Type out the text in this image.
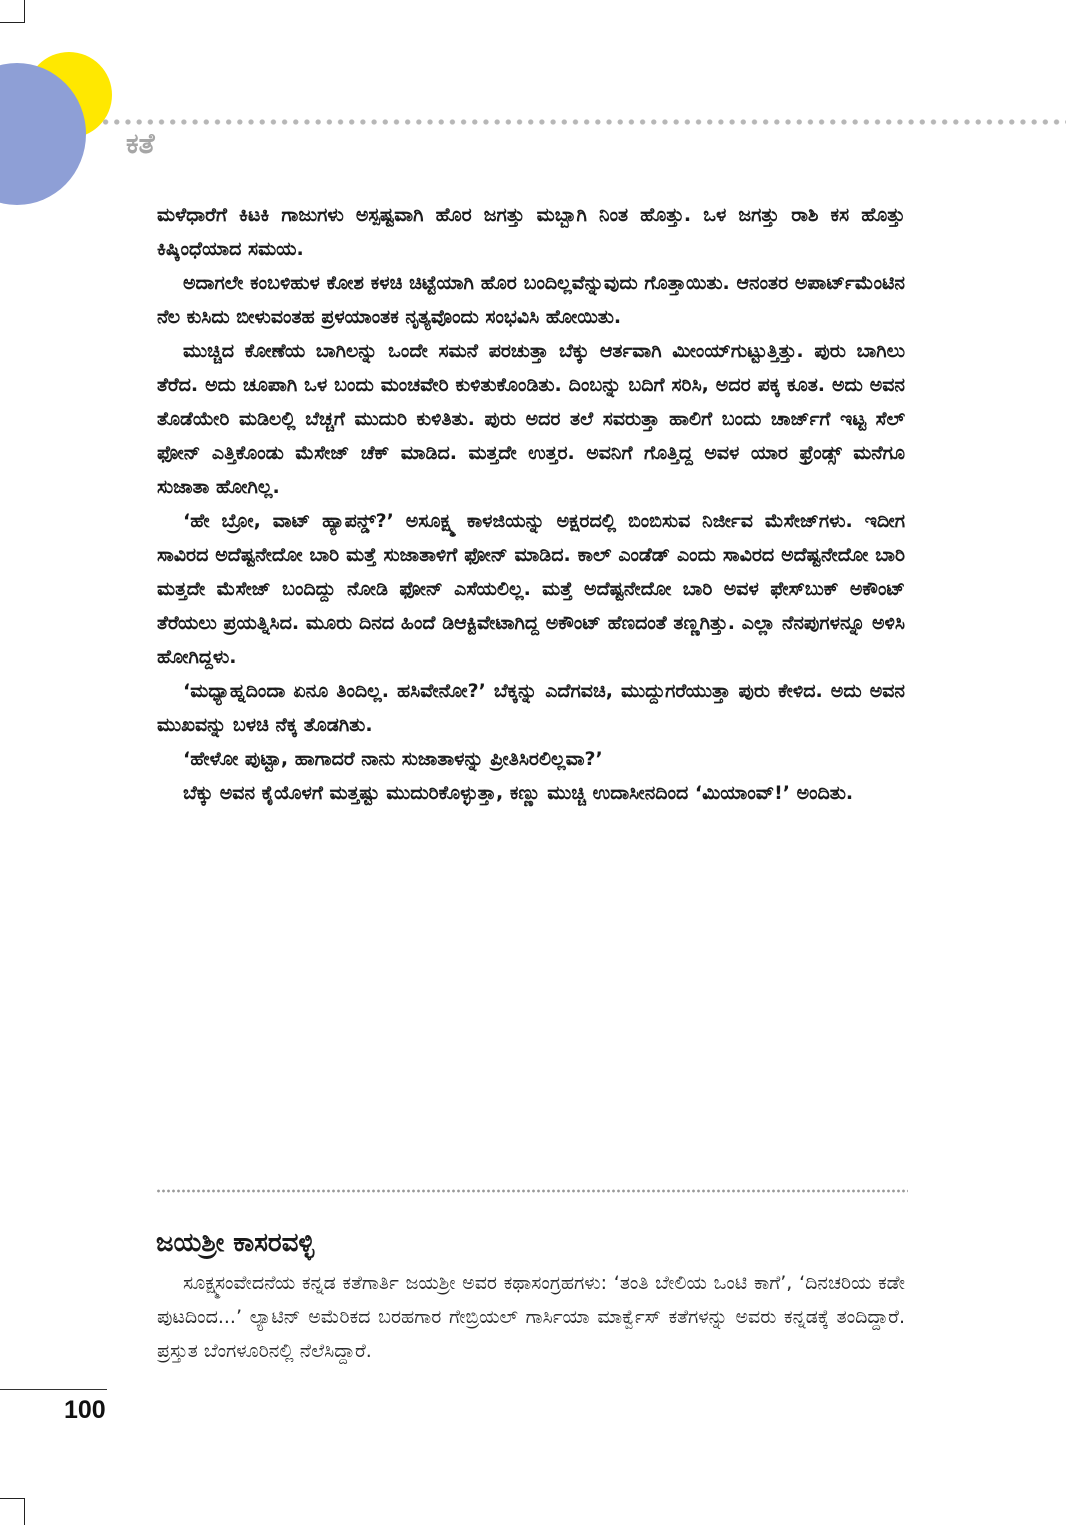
ಕತೆ

ಮಳೆಧಾರೆಗೆ ಕಿಟಕಿ ಗಾಜುಗಳು ಅಸ್ಪಷ್ಟವಾಗಿ ಹೊರ ಜಗತ್ತು ಮಬ್ಬಾಗಿ ನಿಂತ ಹೊತ್ತು. ಒಳ ಜಗತ್ತು ರಾಶಿ ಕಸ ಹೊತ್ತು ಕಿಷ್ಕಿಂಧೆಯಾದ ಸಮಯ.

ಅದಾಗಲೇ ಕಂಬಳಿಹುಳ ಕೋಶ ಕಳಚಿ ಚಿಟ್ಟೆಯಾಗಿ ಹೊರ ಬಂದಿಲ್ಲವೆನ್ನುವುದು ಗೊತ್ತಾಯಿತು. ಆನಂತರ ಅಪಾರ್ಟ್‌ಮೆಂಟಿನ ನೆಲ ಕುಸಿದು ಬೀಳುವಂತಹ ಪ್ರಳಯಾಂತಕ ನೃತ್ಯವೊಂದು ಸಂಭವಿಸಿ ಹೋಯಿತು.

ಮುಚ್ಚಿದ ಕೋಣೆಯ ಬಾಗಿಲನ್ನು ಒಂದೇ ಸಮನೆ ಪರಚುತ್ತಾ ಬೆಕ್ಕು ಆರ್ತವಾಗಿ ಮೀಂಯ್‌ಗುಟ್ಟುತ್ತಿತ್ತು. ಪುರು ಬಾಗಿಲು ತೆರೆದ. ಅದು ಚೂಪಾಗಿ ಒಳ ಬಂದು ಮಂಚವೇರಿ ಕುಳಿತುಕೊಂಡಿತು. ದಿಂಬನ್ನು ಬದಿಗೆ ಸರಿಸಿ, ಅದರ ಪಕ್ಕ ಕೂತ. ಅದು ಅವನ ತೊಡೆಯೇರಿ ಮಡಿಲಲ್ಲಿ ಬೆಚ್ಚಗೆ ಮುದುರಿ ಕುಳಿತಿತು. ಪುರು ಅದರ ತಲೆ ಸವರುತ್ತಾ ಹಾಲಿಗೆ ಬಂದು ಚಾರ್ಜ್‌ಗೆ ಇಟ್ಟ ಸೆಲ್ ಫೋನ್ ಎತ್ತಿಕೊಂಡು ಮೆಸೇಜ್ ಚೆಕ್ ಮಾಡಿದ. ಮತ್ತದೇ ಉತ್ತರ. ಅವನಿಗೆ ಗೊತ್ತಿದ್ದ ಅವಳ ಯಾರ ಫ್ರೆಂಡ್ಸ್ ಮನೆಗೂ ಸುಜಾತಾ ಹೋಗಿಲ್ಲ.

‘ಹೇ ಬ್ರೋ, ವಾಟ್ ಹ್ಯಾಪನ್ಡ್?’ ಅಸೂಕ್ಷ್ಮ ಕಾಳಜಿಯನ್ನು ಅಕ್ಷರದಲ್ಲಿ ಬಿಂಬಿಸುವ ನಿರ್ಜೀವ ಮೆಸೇಜ್‌ಗಳು. ಇದೀಗ ಸಾವಿರದ ಅದೆಷ್ಟನೇದೋ ಬಾರಿ ಮತ್ತೆ ಸುಜಾತಾಳಿಗೆ ಫೋನ್ ಮಾಡಿದ. ಕಾಲ್ ಎಂಡೆಡ್ ಎಂದು ಸಾವಿರದ ಅದೆಷ್ಟನೇದೋ ಬಾರಿ ಮತ್ತದೇ ಮೆಸೇಜ್ ಬಂದಿದ್ದು ನೋಡಿ ಫೋನ್ ಎಸೆಯಲಿಲ್ಲ. ಮತ್ತೆ ಅದೆಷ್ಟನೇದೋ ಬಾರಿ ಅವಳ ಫೇಸ್‌ಬುಕ್ ಅಕೌಂಟ್ ತೆರೆಯಲು ಪ್ರಯತ್ನಿಸಿದ. ಮೂರು ದಿನದ ಹಿಂದೆ ಡಿಆಕ್ಟಿವೇಟಾಗಿದ್ದ ಅಕೌಂಟ್ ಹೆಣದಂತೆ ತಣ್ಣಗಿತ್ತು. ಎಲ್ಲಾ ನೆನಪುಗಳನ್ನೂ ಅಳಿಸಿ ಹೋಗಿದ್ದಳು.

‘ಮಧ್ಯಾಹ್ನದಿಂದಾ ಏನೂ ತಿಂದಿಲ್ಲ. ಹಸಿವೇನೋ?’ ಬೆಕ್ಕನ್ನು ಎದೆಗವಚಿ, ಮುದ್ದುಗರೆಯುತ್ತಾ ಪುರು ಕೇಳಿದ. ಅದು ಅವನ ಮುಖವನ್ನು ಬಳಚಿ ನೆಕ್ಕ ತೊಡಗಿತು.

‘ಹೇಳೋ ಪುಟ್ಟಾ, ಹಾಗಾದರೆ ನಾನು ಸುಜಾತಾಳನ್ನು ಪ್ರೀತಿಸಿರಲಿಲ್ಲವಾ?’

ಬೆಕ್ಕು ಅವನ ಕೈಯೊಳಗೆ ಮತ್ತಷ್ಟು ಮುದುರಿಕೊಳ್ಳುತ್ತಾ, ಕಣ್ಣು ಮುಚ್ಚಿ ಉದಾಸೀನದಿಂದ ‘ಮಿಯಾಂವ್!’ ಅಂದಿತು.

ಜಯಶ್ರೀ ಕಾಸರವಳ್ಳಿ

ಸೂಕ್ಷ್ಮಸಂವೇದನೆಯ ಕನ್ನಡ ಕತೆಗಾರ್ತಿ ಜಯಶ್ರೀ ಅವರ ಕಥಾಸಂಗ್ರಹಗಳು: ‘ತಂತಿ ಬೇಲಿಯ ಒಂಟಿ ಕಾಗೆ’, ‘ದಿನಚರಿಯ ಕಡೇ ಪುಟದಿಂದ...’ ಲ್ಯಾಟಿನ್ ಅಮೆರಿಕದ ಬರಹಗಾರ ಗೇಬ್ರಿಯಲ್ ಗಾರ್ಸಿಯಾ ಮಾರ್ಕ್ವೆಸ್ ಕತೆಗಳನ್ನು ಅವರು ಕನ್ನಡಕ್ಕೆ ತಂದಿದ್ದಾರೆ. ಪ್ರಸ್ತುತ ಬೆಂಗಳೂರಿನಲ್ಲಿ ನೆಲೆಸಿದ್ದಾರೆ.

100
